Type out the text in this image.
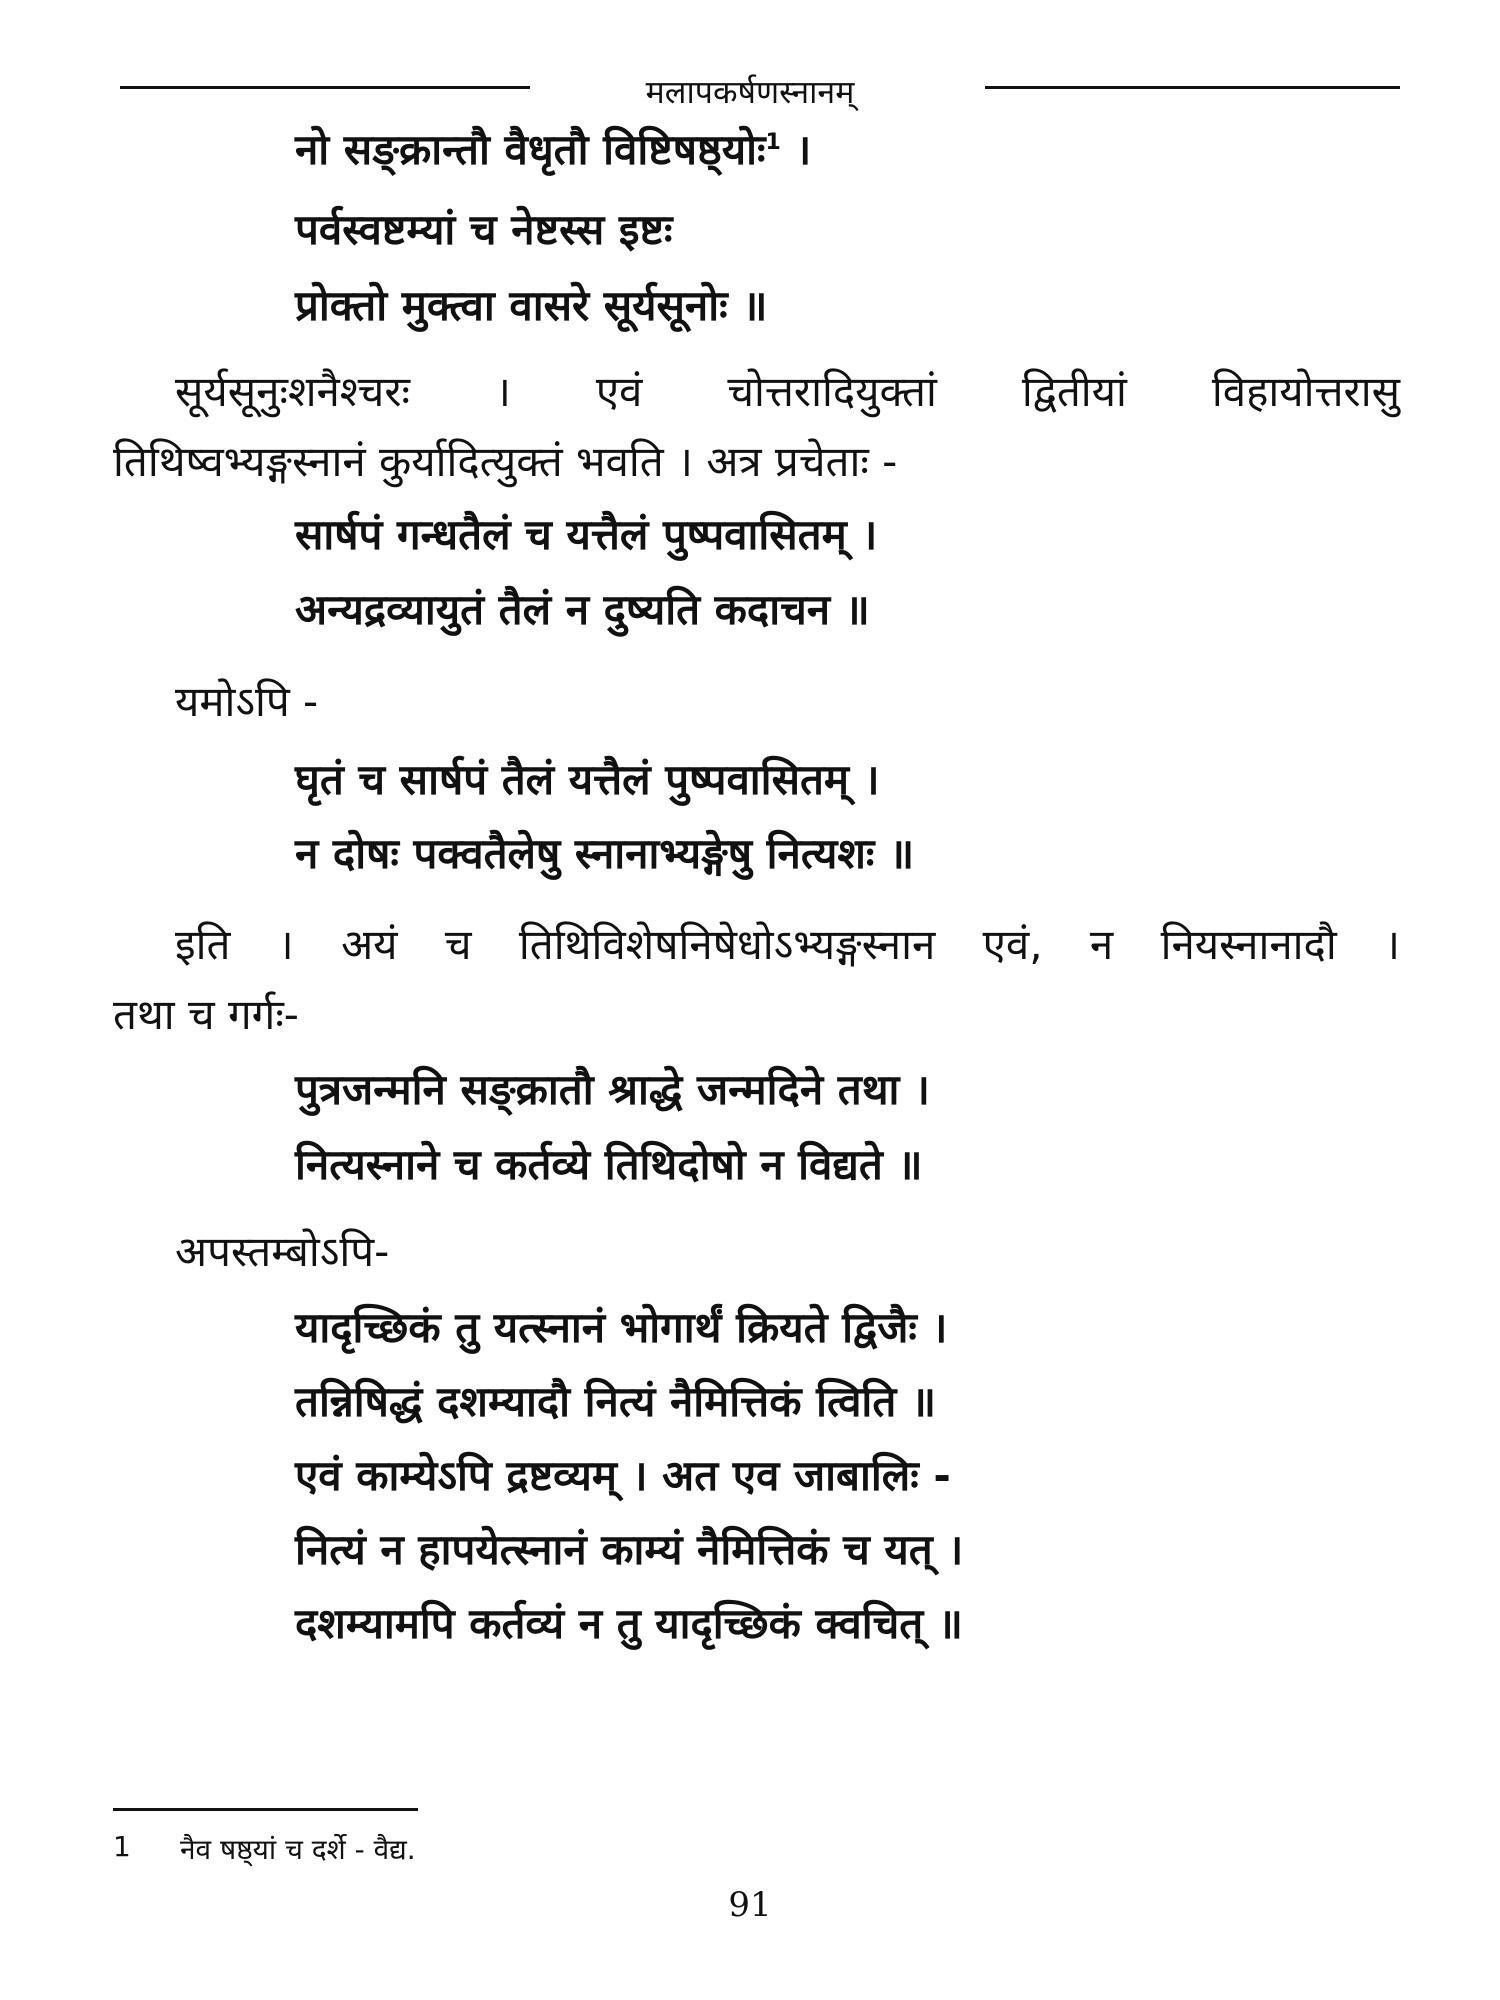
मलापकर्षणस्नानम्
नो सङ्क्रान्तौ वैधृतौ विष्टिषष्ठ्योः$^1$ ।
पर्वस्वष्टम्यां च नेष्टस्स इष्टः
प्रोक्तो मुक्त्वा वासरे सूर्यसूनोः ॥
सूर्यसूनुःशनैश्चरः । एवं चोत्तरादियुक्तां द्वितीयां विहायोत्तरासु
तिथिष्वभ्यङ्गस्नानं कुर्यादित्युक्तं भवति । अत्र प्रचेताः -
सार्षपं गन्धतैलं च यत्तैलं पुष्पवासितम् ।
अन्यद्रव्यायुतं तैलं न दुष्यति कदाचन ॥
यमोऽपि -
घृतं च सार्षपं तैलं यत्तैलं पुष्पवासितम् ।
न दोषः पक्वतैलेषु स्नानाभ्यङ्गेषु नित्यशः ॥
इति । अयं च तिथिविशेषनिषेधोऽभ्यङ्गस्नान एवं, न नियस्नानादौ ।
तथा च गर्गः-
पुत्रजन्मनि सङ्क्रातौ श्राद्धे जन्मदिने तथा ।
नित्यस्नाने च कर्तव्ये तिथिदोषो न विद्यते ॥
अपस्तम्बोऽपि-
यादृच्छिकं तु यत्स्नानं भोगार्थं क्रियते द्विजैः ।
तन्निषिद्धं दशम्यादौ नित्यं नैमित्तिकं त्विति ॥
एवं काम्येऽपि द्रष्टव्यम् । अत एव जाबालिः -
नित्यं न हापयेत्स्नानं काम्यं नैमित्तिकं च यत् ।
दशम्यामपि कर्तव्यं न तु यादृच्छिकं क्वचित् ॥
1 नैव षष्ठ्यां च दर्शे - वैद्य.
91
